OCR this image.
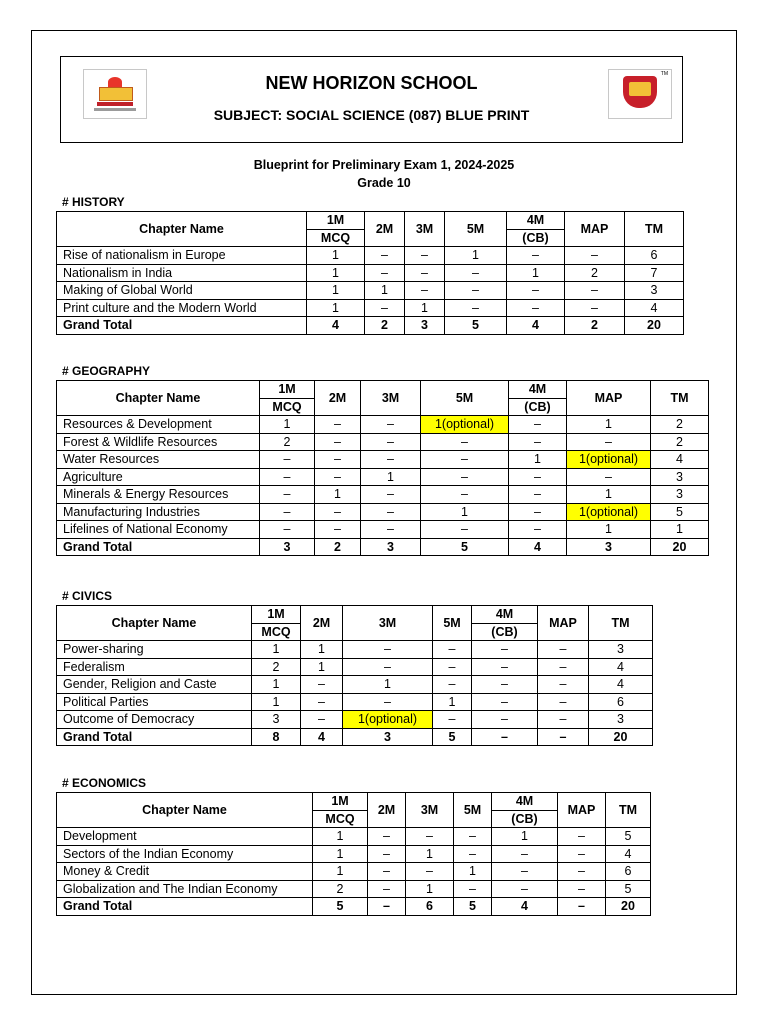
NEW HORIZON SCHOOL
SUBJECT: SOCIAL SCIENCE (087) BLUE PRINT
TM
Blueprint for Preliminary Exam 1, 2024-2025
Grade 10
# HISTORY
Chapter Name	1M	2M	3M	5M	4M	MAP	TM
	MCQ				(CB)		
Rise of nationalism in Europe	1	–	–	1	–	–	6
Nationalism in India	1	–	–	–	1	2	7
Making of Global World	1	1	–	–	–	–	3
Print culture and the Modern World	1	–	1	–	–	–	4
Grand Total	4	2	3	5	4	2	20
# GEOGRAPHY
Chapter Name	1M	2M	3M	5M	4M	MAP	TM
	MCQ				(CB)		
Resources & Development	1	–	–	1(optional)	–	1	2
Forest & Wildlife Resources	2	–	–	–	–	–	2
Water Resources	–	–	–	–	1	1(optional)	4
Agriculture	–	–	1	–	–	–	3
Minerals & Energy Resources	–	1	–	–	–	1	3
Manufacturing Industries	–	–	–	1	–	1(optional)	5
Lifelines of National Economy	–	–	–	–	–	1	1
Grand Total	3	2	3	5	4	3	20
# CIVICS
Chapter Name	1M	2M	3M	5M	4M	MAP	TM
	MCQ				(CB)		
Power-sharing	1	1	–	–	–	–	3
Federalism	2	1	–	–	–	–	4
Gender, Religion and Caste	1	–	1	–	–	–	4
Political Parties	1	–	–	1	–	–	6
Outcome of Democracy	3	–	1(optional)	–	–	–	3
Grand Total	8	4	3	5	–	–	20
# ECONOMICS
Chapter Name	1M	2M	3M	5M	4M	MAP	TM
	MCQ				(CB)		
Development	1	–	–	–	1	–	5
Sectors of the Indian Economy	1	–	1	–	–	–	4
Money & Credit	1	–	–	1	–	–	6
Globalization and The Indian Economy	2	–	1	–	–	–	5
Grand Total	5	–	6	5	4	–	20
